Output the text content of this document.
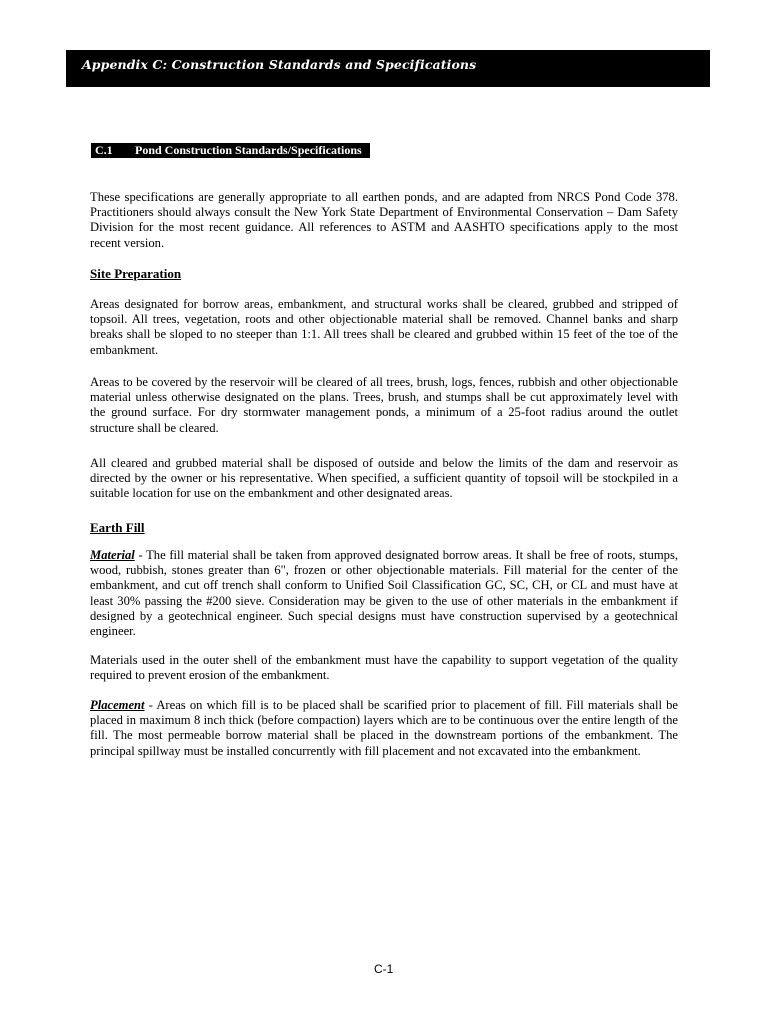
Appendix C: Construction Standards and Specifications
C.1 Pond Construction Standards/Specifications

These specifications are generally appropriate to all earthen ponds, and are adapted from NRCS Pond Code 378. Practitioners should always consult the New York State Department of Environmental Conservation – Dam Safety Division for the most recent guidance. All references to ASTM and AASHTO specifications apply to the most recent version.

Site Preparation

Areas designated for borrow areas, embankment, and structural works shall be cleared, grubbed and stripped of topsoil. All trees, vegetation, roots and other objectionable material shall be removed. Channel banks and sharp breaks shall be sloped to no steeper than 1:1. All trees shall be cleared and grubbed within 15 feet of the toe of the embankment.

Areas to be covered by the reservoir will be cleared of all trees, brush, logs, fences, rubbish and other objectionable material unless otherwise designated on the plans. Trees, brush, and stumps shall be cut approximately level with the ground surface. For dry stormwater management ponds, a minimum of a 25-foot radius around the outlet structure shall be cleared.

All cleared and grubbed material shall be disposed of outside and below the limits of the dam and reservoir as directed by the owner or his representative. When specified, a sufficient quantity of topsoil will be stockpiled in a suitable location for use on the embankment and other designated areas.

Earth Fill

Material - The fill material shall be taken from approved designated borrow areas. It shall be free of roots, stumps, wood, rubbish, stones greater than 6", frozen or other objectionable materials. Fill material for the center of the embankment, and cut off trench shall conform to Unified Soil Classification GC, SC, CH, or CL and must have at least 30% passing the #200 sieve. Consideration may be given to the use of other materials in the embankment if designed by a geotechnical engineer. Such special designs must have construction supervised by a geotechnical engineer.

Materials used in the outer shell of the embankment must have the capability to support vegetation of the quality required to prevent erosion of the embankment.

Placement - Areas on which fill is to be placed shall be scarified prior to placement of fill. Fill materials shall be placed in maximum 8 inch thick (before compaction) layers which are to be continuous over the entire length of the fill. The most permeable borrow material shall be placed in the downstream portions of the embankment. The principal spillway must be installed concurrently with fill placement and not excavated into the embankment.

C-1
